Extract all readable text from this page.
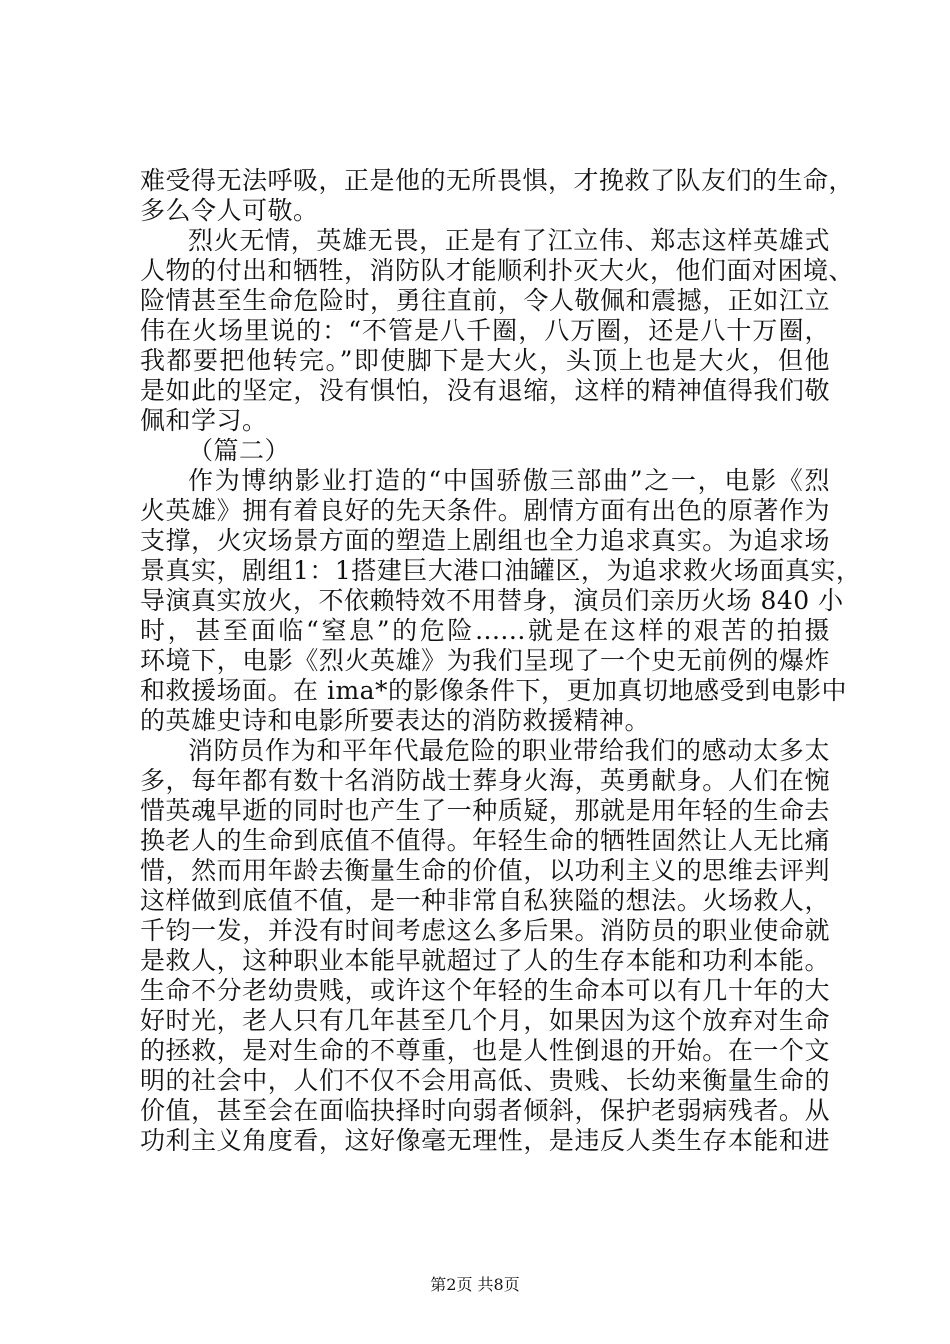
难受得无法呼吸，正是他的无所畏惧，才挽救了队友们的生命，
多么令人可敬。
烈火无情，英雄无畏，正是有了江立伟、郑志这样英雄式
人物的付出和牺牲，消防队才能顺利扑灭大火，他们面对困境、
险情甚至生命危险时，勇往直前，令人敬佩和震撼，正如江立
伟在火场里说的：“不管是八千圈，八万圈，还是八十万圈，
我都要把他转完。”即使脚下是大火，头顶上也是大火，但他
是如此的坚定，没有惧怕，没有退缩，这样的精神值得我们敬
佩和学习。
（篇二）
作为博纳影业打造的“中国骄傲三部曲”之一，电影《烈
火英雄》拥有着良好的先天条件。剧情方面有出色的原著作为
支撑，火灾场景方面的塑造上剧组也全力追求真实。为追求场
景真实，剧组1：1搭建巨大港口油罐区，为追求救火场面真实，
导演真实放火，不依赖特效不用替身，演员们亲历火场 840 小
时，甚至面临“窒息”的危险......就是在这样的艰苦的拍摄
环境下，电影《烈火英雄》为我们呈现了一个史无前例的爆炸
和救援场面。在 ima*的影像条件下，更加真切地感受到电影中
的英雄史诗和电影所要表达的消防救援精神。
消防员作为和平年代最危险的职业带给我们的感动太多太
多，每年都有数十名消防战士葬身火海，英勇献身。人们在惋
惜英魂早逝的同时也产生了一种质疑，那就是用年轻的生命去
换老人的生命到底值不值得。年轻生命的牺牲固然让人无比痛
惜，然而用年龄去衡量生命的价值，以功利主义的思维去评判
这样做到底值不值，是一种非常自私狭隘的想法。火场救人，
千钧一发，并没有时间考虑这么多后果。消防员的职业使命就
是救人，这种职业本能早就超过了人的生存本能和功利本能。
生命不分老幼贵贱，或许这个年轻的生命本可以有几十年的大
好时光，老人只有几年甚至几个月，如果因为这个放弃对生命
的拯救，是对生命的不尊重，也是人性倒退的开始。在一个文
明的社会中，人们不仅不会用高低、贵贱、长幼来衡量生命的
价值，甚至会在面临抉择时向弱者倾斜，保护老弱病残者。从
功利主义角度看，这好像毫无理性，是违反人类生存本能和进
第2页 共8页
